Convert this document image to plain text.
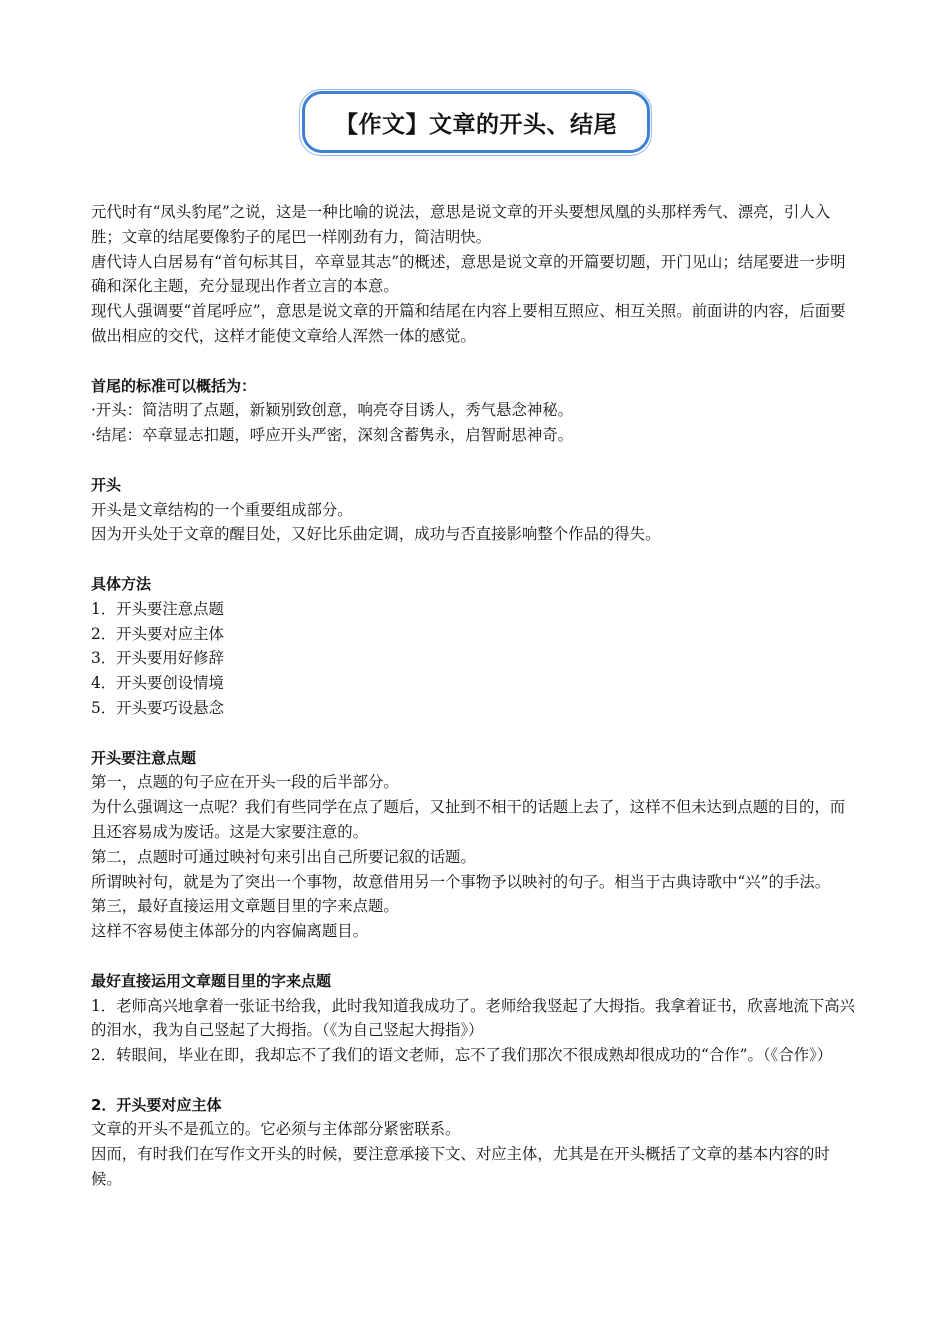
【作文】文章的开头、结尾

元代时有“凤头豹尾”之说，这是一种比喻的说法，意思是说文章的开头要想凤凰的头那样秀气、漂亮，引人入胜；文章的结尾要像豹子的尾巴一样刚劲有力，简洁明快。

唐代诗人白居易有“首句标其目，卒章显其志”的概述，意思是说文章的开篇要切题，开门见山；结尾要进一步明确和深化主题，充分显现出作者立言的本意。

现代人强调要“首尾呼应”，意思是说文章的开篇和结尾在内容上要相互照应、相互关照。前面讲的内容，后面要做出相应的交代，这样才能使文章给人浑然一体的感觉。

首尾的标准可以概括为：

·开头：简洁明了点题，新颖别致创意，响亮夺目诱人，秀气悬念神秘。

·结尾：卒章显志扣题，呼应开头严密，深刻含蓄隽永，启智耐思神奇。

开头

开头是文章结构的一个重要组成部分。

因为开头处于文章的醒目处，又好比乐曲定调，成功与否直接影响整个作品的得失。

具体方法

1．开头要注意点题

2．开头要对应主体

3．开头要用好修辞

4．开头要创设情境

5．开头要巧设悬念

开头要注意点题

第一，点题的句子应在开头一段的后半部分。

为什么强调这一点呢？我们有些同学在点了题后，又扯到不相干的话题上去了，这样不但未达到点题的目的，而且还容易成为废话。这是大家要注意的。

第二，点题时可通过映衬句来引出自己所要记叙的话题。

所谓映衬句，就是为了突出一个事物，故意借用另一个事物予以映衬的句子。相当于古典诗歌中“兴”的手法。

第三，最好直接运用文章题目里的字来点题。

这样不容易使主体部分的内容偏离题目。

最好直接运用文章题目里的字来点题

1．老师高兴地拿着一张证书给我，此时我知道我成功了。老师给我竖起了大拇指。我拿着证书，欣喜地流下高兴的泪水，我为自己竖起了大拇指。（《为自己竖起大拇指》）

2．转眼间，毕业在即，我却忘不了我们的语文老师，忘不了我们那次不很成熟却很成功的“合作”。（《合作》）

2．开头要对应主体

文章的开头不是孤立的。它必须与主体部分紧密联系。

因而，有时我们在写作文开头的时候，要注意承接下文、对应主体，尤其是在开头概括了文章的基本内容的时候。
